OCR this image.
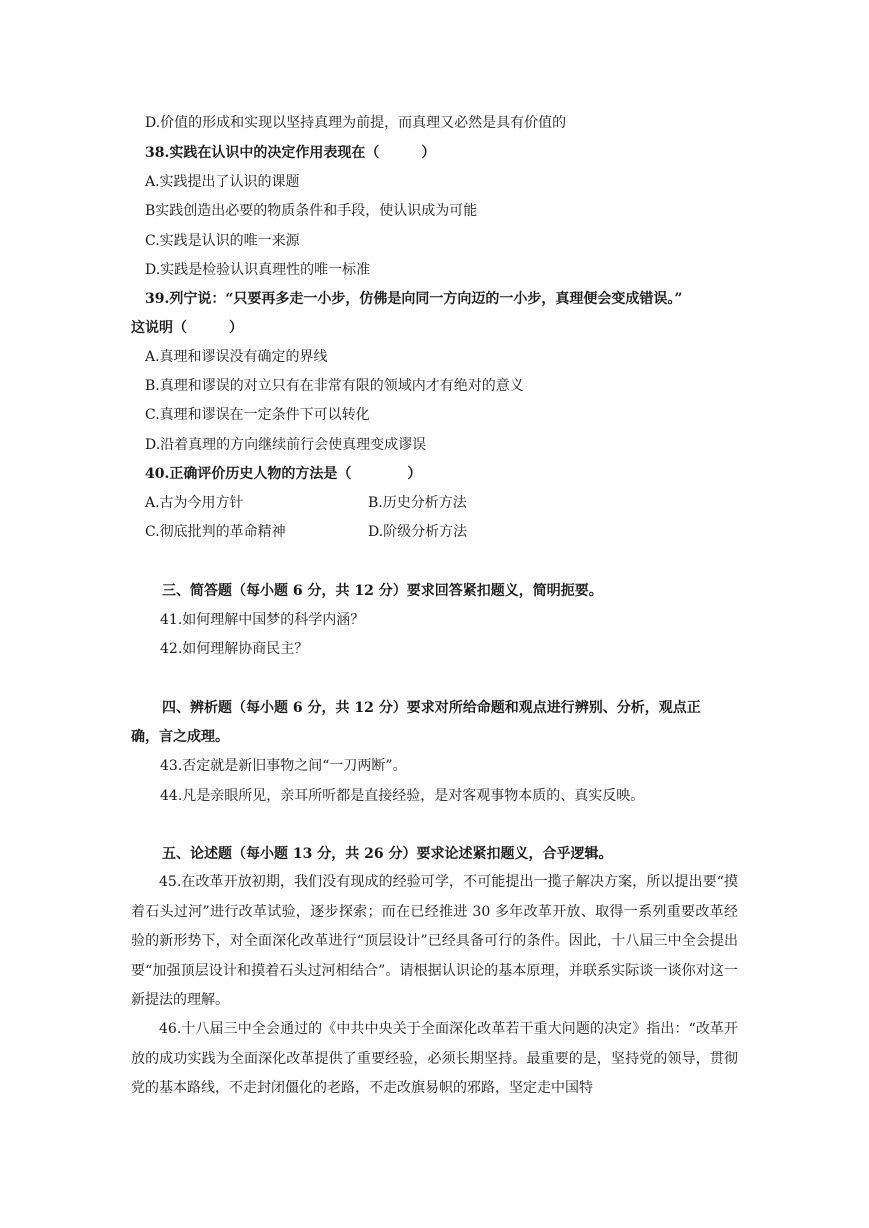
D.价值的形成和实现以坚持真理为前提，而真理又必然是具有价值的
38.实践在认识中的决定作用表现在（　　　）
A.实践提出了认识的课题
B实践创造出必要的物质条件和手段，使认识成为可能
C.实践是认识的唯一来源
D.实践是检验认识真理性的唯一标准
39.列宁说：“只要再多走一小步，仿佛是向同一方向迈的一小步，真理便会变成错误。”
这说明（　　　）
A.真理和谬误没有确定的界线
B.真理和谬误的对立只有在非常有限的领域内才有绝对的意义
C.真理和谬误在一定条件下可以转化
D.沿着真理的方向继续前行会使真理变成谬误
40.正确评价历史人物的方法是（　　　　）
A.古为今用方针	B.历史分析方法
C.彻底批判的革命精神	D.阶级分析方法
三、简答题（每小题 6 分，共 12 分）要求回答紧扣题义，简明扼要。
41.如何理解中国梦的科学内涵？
42.如何理解协商民主？
四、辨析题（每小题 6 分，共 12 分）要求对所给命题和观点进行辨别、分析，观点正
确，言之成理。
43.否定就是新旧事物之间“一刀两断”。
44.凡是亲眼所见，亲耳所听都是直接经验，是对客观事物本质的、真实反映。
五、论述题（每小题 13 分，共 26 分）要求论述紧扣题义，合乎逻辑。
45.在改革开放初期，我们没有现成的经验可学，不可能提出一揽子解决方案，所以提出要“摸着石头过河”进行改革试验，逐步探索；而在已经推进 30 多年改革开放、取得一系列重要改革经验的新形势下，对全面深化改革进行“顶层设计”已经具备可行的条件。因此，十八届三中全会提出要“加强顶层设计和摸着石头过河相结合”。请根据认识论的基本原理，并联系实际谈一谈你对这一新提法的理解。
46.十八届三中全会通过的《中共中央关于全面深化改革若干重大问题的决定》指出：“改革开放的成功实践为全面深化改革提供了重要经验，必须长期坚持。最重要的是，坚持党的领导，贯彻党的基本路线，不走封闭僵化的老路，不走改旗易帜的邪路，坚定走中国特
